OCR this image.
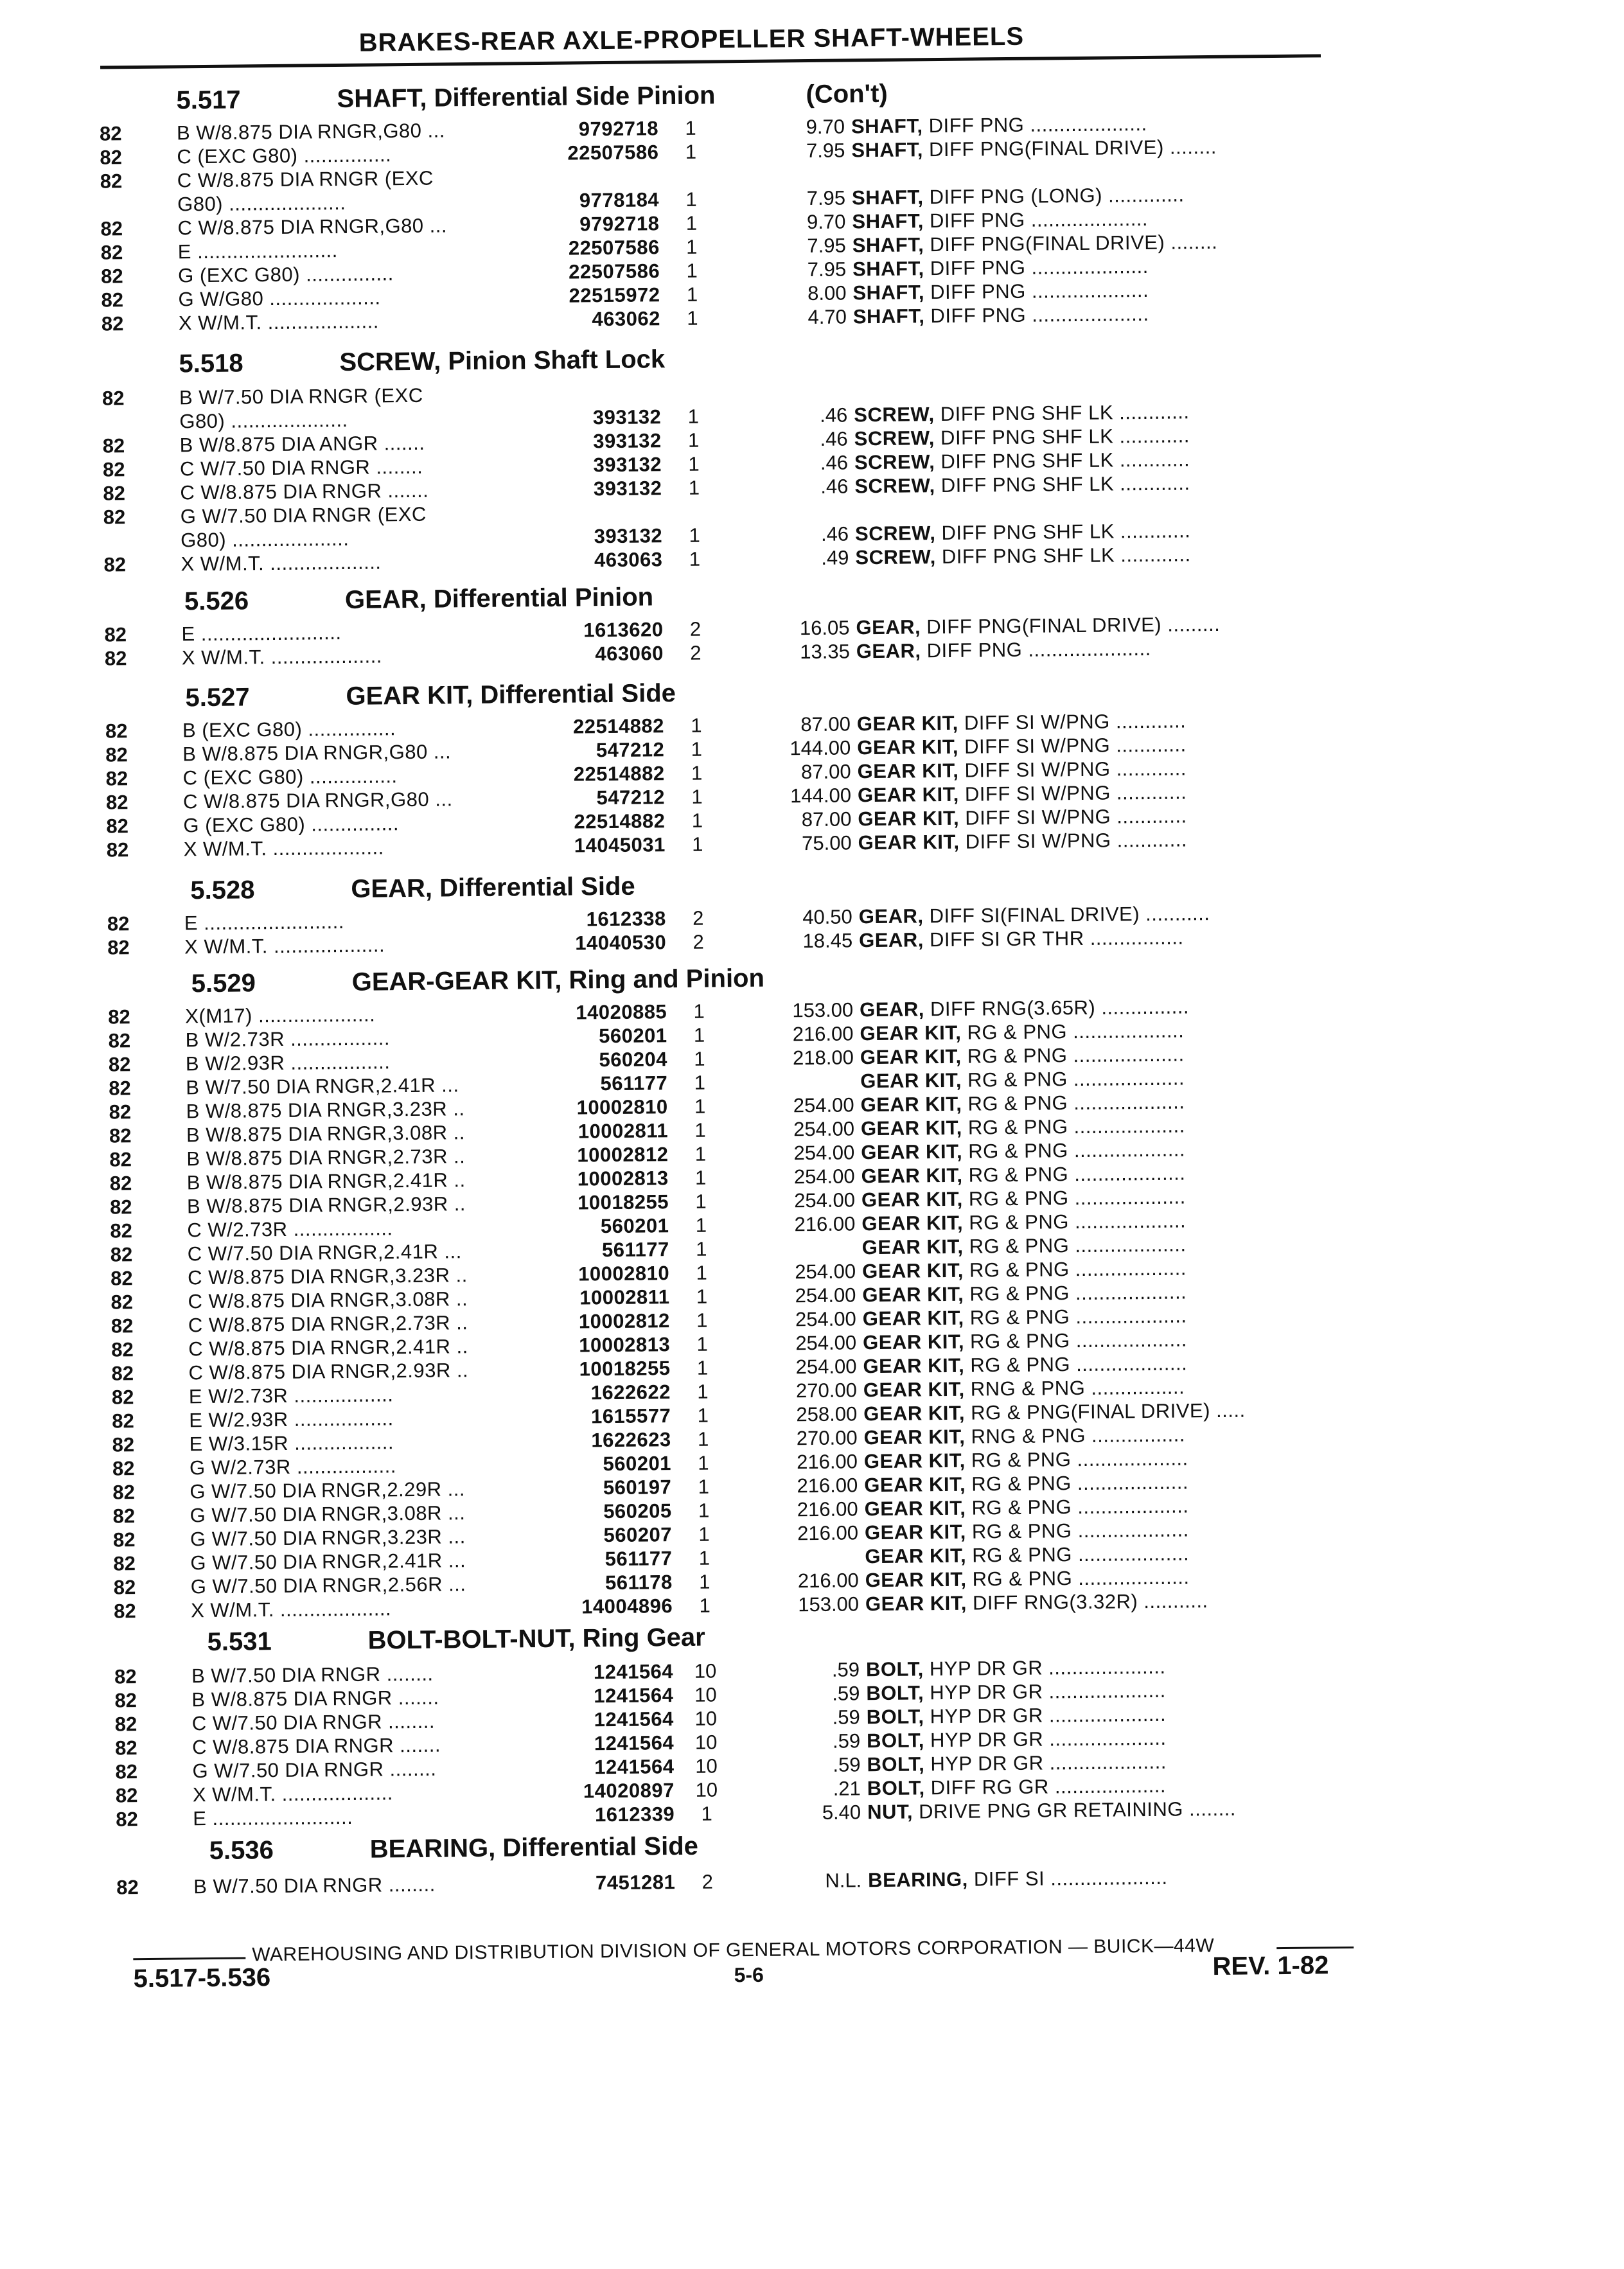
BRAKES-REAR AXLE-PROPELLER SHAFT-WHEELS
5.517	SHAFT, Differential Side Pinion	(Con't)
82	B W/8.875 DIA RNGR,G80 ...	9792718	1	9.70 SHAFT, DIFF PNG ....................
82	C (EXC G80) ...............	22507586	1	7.95 SHAFT, DIFF PNG(FINAL DRIVE) ........
82	C W/8.875 DIA RNGR (EXC
G80) ....................	9778184	1	7.95 SHAFT, DIFF PNG (LONG) .............
82	C W/8.875 DIA RNGR,G80 ...	9792718	1	9.70 SHAFT, DIFF PNG ....................
82	E ........................	22507586	1	7.95 SHAFT, DIFF PNG(FINAL DRIVE) ........
82	G (EXC G80) ...............	22507586	1	7.95 SHAFT, DIFF PNG ....................
82	G W/G80 ...................	22515972	1	8.00 SHAFT, DIFF PNG ....................
82	X W/M.T. ...................	463062	1	4.70 SHAFT, DIFF PNG ....................
5.518	SCREW, Pinion Shaft Lock
82	B W/7.50 DIA RNGR (EXC
G80) ....................	393132	1	.46 SCREW, DIFF PNG SHF LK ............
82	B W/8.875 DIA ANGR .......	393132	1	.46 SCREW, DIFF PNG SHF LK ............
82	C W/7.50 DIA RNGR ........	393132	1	.46 SCREW, DIFF PNG SHF LK ............
82	C W/8.875 DIA RNGR .......	393132	1	.46 SCREW, DIFF PNG SHF LK ............
82	G W/7.50 DIA RNGR (EXC
G80) ....................	393132	1	.46 SCREW, DIFF PNG SHF LK ............
82	X W/M.T. ...................	463063	1	.49 SCREW, DIFF PNG SHF LK ............
5.526	GEAR, Differential Pinion
82	E ........................	1613620	2	16.05 GEAR, DIFF PNG(FINAL DRIVE) .........
82	X W/M.T. ...................	463060	2	13.35 GEAR, DIFF PNG .....................
5.527	GEAR KIT, Differential Side
82	B (EXC G80) ...............	22514882	1	87.00 GEAR KIT, DIFF SI W/PNG ............
82	B W/8.875 DIA RNGR,G80 ...	547212	1	144.00 GEAR KIT, DIFF SI W/PNG ............
82	C (EXC G80) ...............	22514882	1	87.00 GEAR KIT, DIFF SI W/PNG ............
82	C W/8.875 DIA RNGR,G80 ...	547212	1	144.00 GEAR KIT, DIFF SI W/PNG ............
82	G (EXC G80) ...............	22514882	1	87.00 GEAR KIT, DIFF SI W/PNG ............
82	X W/M.T. ...................	14045031	1	75.00 GEAR KIT, DIFF SI W/PNG ............
5.528	GEAR, Differential Side
82	E ........................	1612338	2	40.50 GEAR, DIFF SI(FINAL DRIVE) ...........
82	X W/M.T. ...................	14040530	2	18.45 GEAR, DIFF SI GR THR ................
5.529	GEAR-GEAR KIT, Ring and Pinion
82	X(M17) ....................	14020885	1	153.00 GEAR, DIFF RNG(3.65R) ...............
82	B W/2.73R .................	560201	1	216.00 GEAR KIT, RG & PNG ...................
82	B W/2.93R .................	560204	1	218.00 GEAR KIT, RG & PNG ...................
82	B W/7.50 DIA RNGR,2.41R ...	561177	1	GEAR KIT, RG & PNG ...................
82	B W/8.875 DIA RNGR,3.23R ..	10002810	1	254.00 GEAR KIT, RG & PNG ...................
82	B W/8.875 DIA RNGR,3.08R ..	10002811	1	254.00 GEAR KIT, RG & PNG ...................
82	B W/8.875 DIA RNGR,2.73R ..	10002812	1	254.00 GEAR KIT, RG & PNG ...................
82	B W/8.875 DIA RNGR,2.41R ..	10002813	1	254.00 GEAR KIT, RG & PNG ...................
82	B W/8.875 DIA RNGR,2.93R ..	10018255	1	254.00 GEAR KIT, RG & PNG ...................
82	C W/2.73R .................	560201	1	216.00 GEAR KIT, RG & PNG ...................
82	C W/7.50 DIA RNGR,2.41R ...	561177	1	GEAR KIT, RG & PNG ...................
82	C W/8.875 DIA RNGR,3.23R ..	10002810	1	254.00 GEAR KIT, RG & PNG ...................
82	C W/8.875 DIA RNGR,3.08R ..	10002811	1	254.00 GEAR KIT, RG & PNG ...................
82	C W/8.875 DIA RNGR,2.73R ..	10002812	1	254.00 GEAR KIT, RG & PNG ...................
82	C W/8.875 DIA RNGR,2.41R ..	10002813	1	254.00 GEAR KIT, RG & PNG ...................
82	C W/8.875 DIA RNGR,2.93R ..	10018255	1	254.00 GEAR KIT, RG & PNG ...................
82	E W/2.73R .................	1622622	1	270.00 GEAR KIT, RNG & PNG ................
82	E W/2.93R .................	1615577	1	258.00 GEAR KIT, RG & PNG(FINAL DRIVE) .....
82	E W/3.15R .................	1622623	1	270.00 GEAR KIT, RNG & PNG ................
82	G W/2.73R .................	560201	1	216.00 GEAR KIT, RG & PNG ...................
82	G W/7.50 DIA RNGR,2.29R ...	560197	1	216.00 GEAR KIT, RG & PNG ...................
82	G W/7.50 DIA RNGR,3.08R ...	560205	1	216.00 GEAR KIT, RG & PNG ...................
82	G W/7.50 DIA RNGR,3.23R ...	560207	1	216.00 GEAR KIT, RG & PNG ...................
82	G W/7.50 DIA RNGR,2.41R ...	561177	1	GEAR KIT, RG & PNG ...................
82	G W/7.50 DIA RNGR,2.56R ...	561178	1	216.00 GEAR KIT, RG & PNG ...................
82	X W/M.T. ...................	14004896	1	153.00 GEAR KIT, DIFF RNG(3.32R) ...........
5.531	BOLT-BOLT-NUT, Ring Gear
82	B W/7.50 DIA RNGR ........	1241564	10	.59 BOLT, HYP DR GR ....................
82	B W/8.875 DIA RNGR .......	1241564	10	.59 BOLT, HYP DR GR ....................
82	C W/7.50 DIA RNGR ........	1241564	10	.59 BOLT, HYP DR GR ....................
82	C W/8.875 DIA RNGR .......	1241564	10	.59 BOLT, HYP DR GR ....................
82	G W/7.50 DIA RNGR ........	1241564	10	.59 BOLT, HYP DR GR ....................
82	X W/M.T. ...................	14020897	10	.21 BOLT, DIFF RG GR ...................
82	E ........................	1612339	1	5.40 NUT, DRIVE PNG GR RETAINING ........
5.536	BEARING, Differential Side
82	B W/7.50 DIA RNGR ........	7451281	2	N.L. BEARING, DIFF SI ....................
WAREHOUSING AND DISTRIBUTION DIVISION OF GENERAL MOTORS CORPORATION — BUICK—44W
5.517-5.536	5-6	REV. 1-82
